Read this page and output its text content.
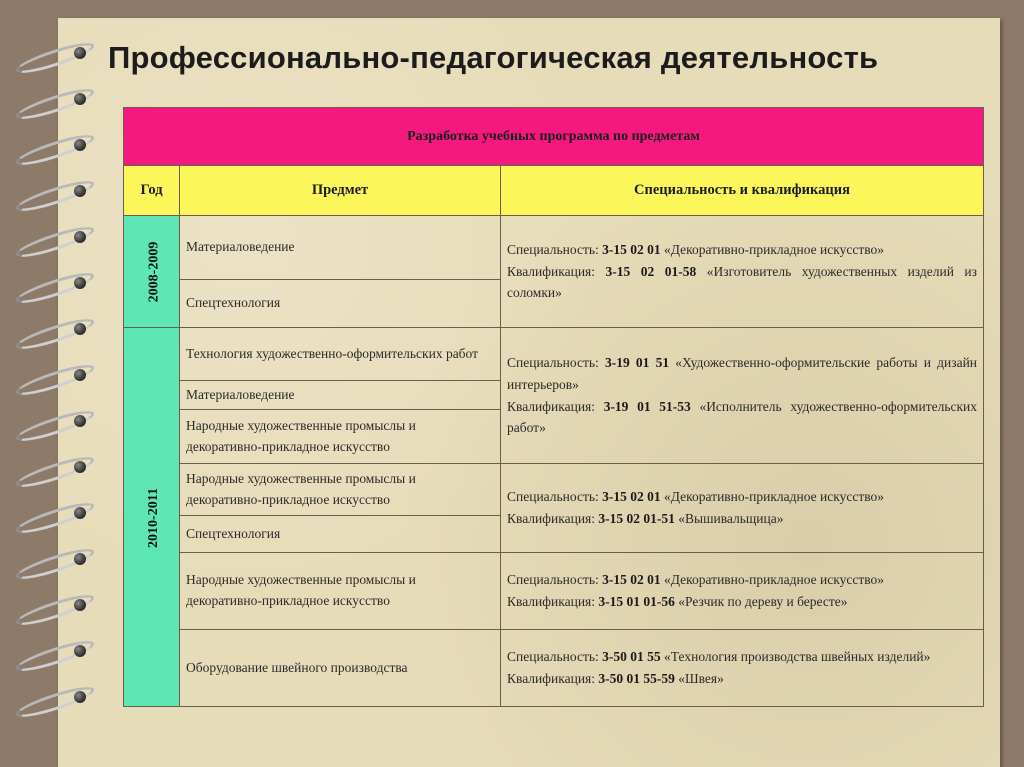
Профессионально-педагогическая деятельность
Разработка учебных программа по предметам		
Год	Предмет	Специальность и квалификация
2008-2009	Материаловедение	Специальность: 3-15 02 01 «Декоративно-прикладное искусство»
Квалификация: 3-15 02 01-58 «Изготовитель художественных изделий из соломки»
	Спецтехнология	
2010-2011	Технология художественно-оформительских работ	Специальность: 3-19 01 51 «Художественно-оформительские работы и дизайн интерьеров»
Квалификация: 3-19 01 51-53 «Исполнитель художественно-оформительских работ»
	Материаловедение	
	Народные художественные промыслы и декоративно-прикладное искусство	
	Народные художественные промыслы и декоративно-прикладное искусство	Специальность: 3-15 02 01 «Декоративно-прикладное искусство»
Квалификация: 3-15 02 01-51 «Вышивальщица»
	Спецтехнология	
	Народные художественные промыслы и декоративно-прикладное искусство	Специальность: 3-15 02 01 «Декоративно-прикладное искусство»
Квалификация: 3-15 01 01-56 «Резчик по дереву и бересте»
	Оборудование швейного производства	Специальность: 3-50 01 55 «Технология производства швейных изделий»
Квалификация: 3-50 01 55-59 «Швея»
